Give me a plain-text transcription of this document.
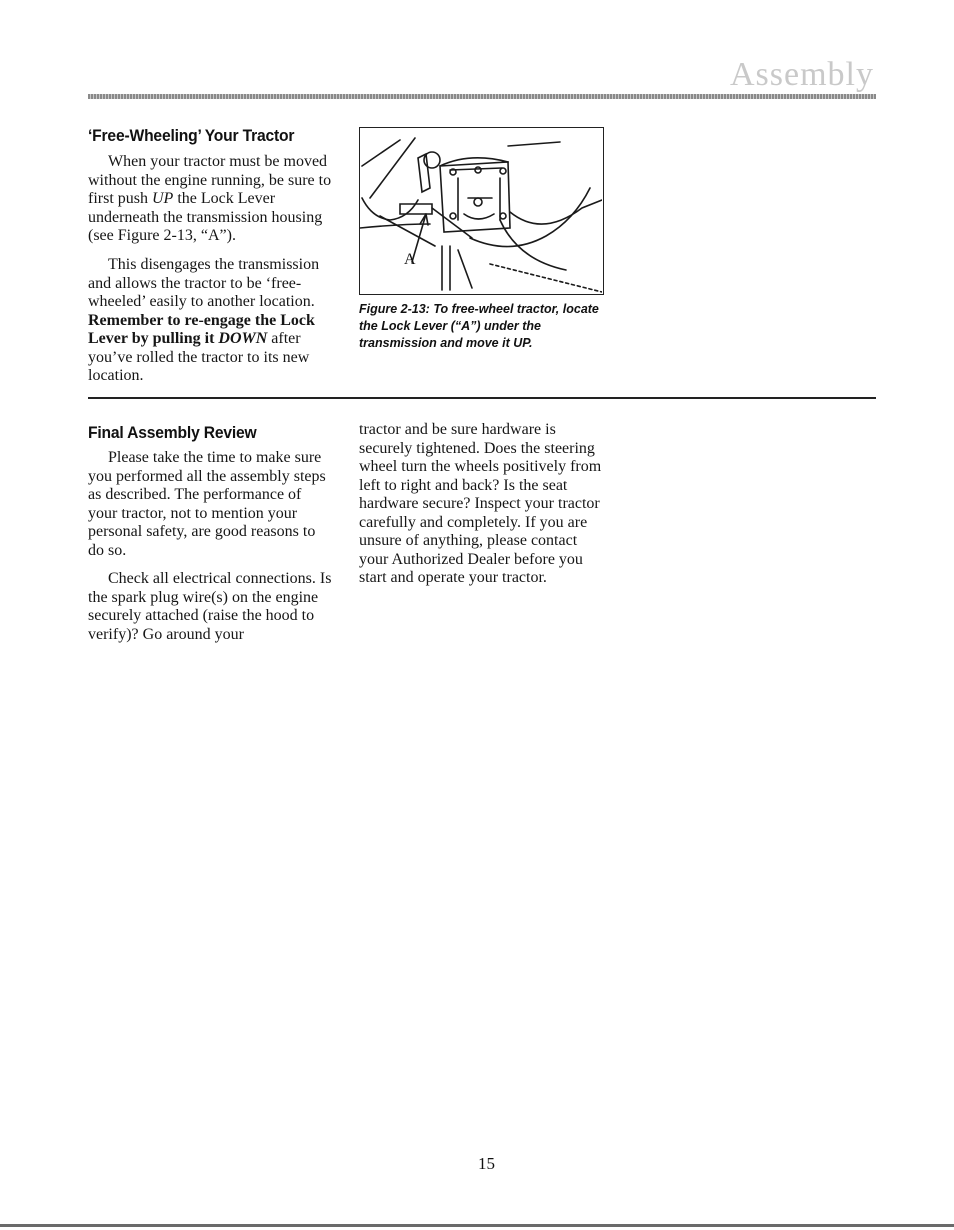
Assembly
‘Free-Wheeling’ Your Tractor

When your tractor must be moved without the engine running, be sure to first push UP the Lock Lever underneath the transmission housing (see Figure 2-13, “A”).

This disengages the transmission and allows the tractor to be ‘free-wheeled’ easily to another location. Remember to re-engage the Lock Lever by pulling it DOWN after you’ve rolled the tractor to its new location.

A

Figure 2-13: To free-wheel tractor, locate the Lock Lever (“A”) under the transmission and move it UP.

Final Assembly Review

Please take the time to make sure you performed all the assembly steps as described. The performance of your tractor, not to mention your personal safety, are good reasons to do so.

Check all electrical connections. Is the spark plug wire(s) on the engine securely attached (raise the hood to verify)? Go around your

tractor and be sure hardware is securely tightened. Does the steering wheel turn the wheels positively from left to right and back? Is the seat hardware secure? Inspect your tractor carefully and completely. If you are unsure of anything, please contact your Authorized Dealer before you start and operate your tractor.

15
